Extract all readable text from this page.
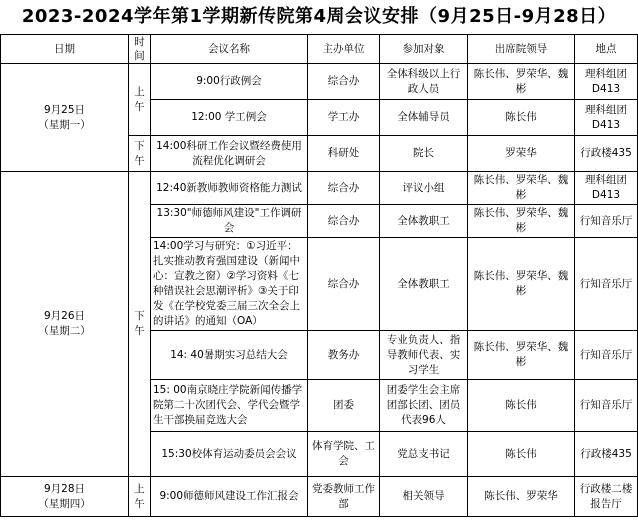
2023-2024学年第1学期新传院第4周会议安排（9月25日-9月28日）
日期	时间	会议名称	主办单位	参加对象	出席院领导	地点

9月25日
（星期一）	上午	9:00行政例会	综合办	全体科级以上行政人员	陈长伟、罗荣华、魏彬	理科组团D413
		12:00 学工例会	学工办	全体辅导员	陈长伟	理科组团D413
	下午	14:00科研工作会议暨经费使用流程优化调研会	科研处	院长	罗荣华	行政楼435

9月26日
（星期二）	下午	12:40新教师教师资格能力测试	综合办	评议小组	陈长伟、罗荣华、魏彬	理科组团D413
		13:30"师德师风建设"工作调研会	综合办	全体教职工	陈长伟、罗荣华、魏彬	行知音乐厅
		14:00学习与研究：①习近平：扎实推动教育强国建设（新闻中心：宣教之窗）②学习资料《七种错误社会思潮评析》③关于印发《在学校党委三届三次全会上的讲话》的通知（OA）	综合办	全体教职工	陈长伟、罗荣华、魏彬	行知音乐厅
		14: 40暑期实习总结大会	教务办	专业负责人、指导教师代表、实习学生	陈长伟、罗荣华、魏彬	行知音乐厅
		15: 00南京晓庄学院新闻传播学院第二十次团代会、学代会暨学生干部换届竞选大会	团委	团委学生会主席团部长团、团员代表96人	陈长伟	行知音乐厅
		15:30校体育运动委员会会议	体育学院、工会	党总支书记	陈长伟	行政楼435

9月28日
（星期四）	上午	9:00师德师风建设工作汇报会	党委教师工作部	相关领导	陈长伟、罗荣华	行政楼二楼报告厅
